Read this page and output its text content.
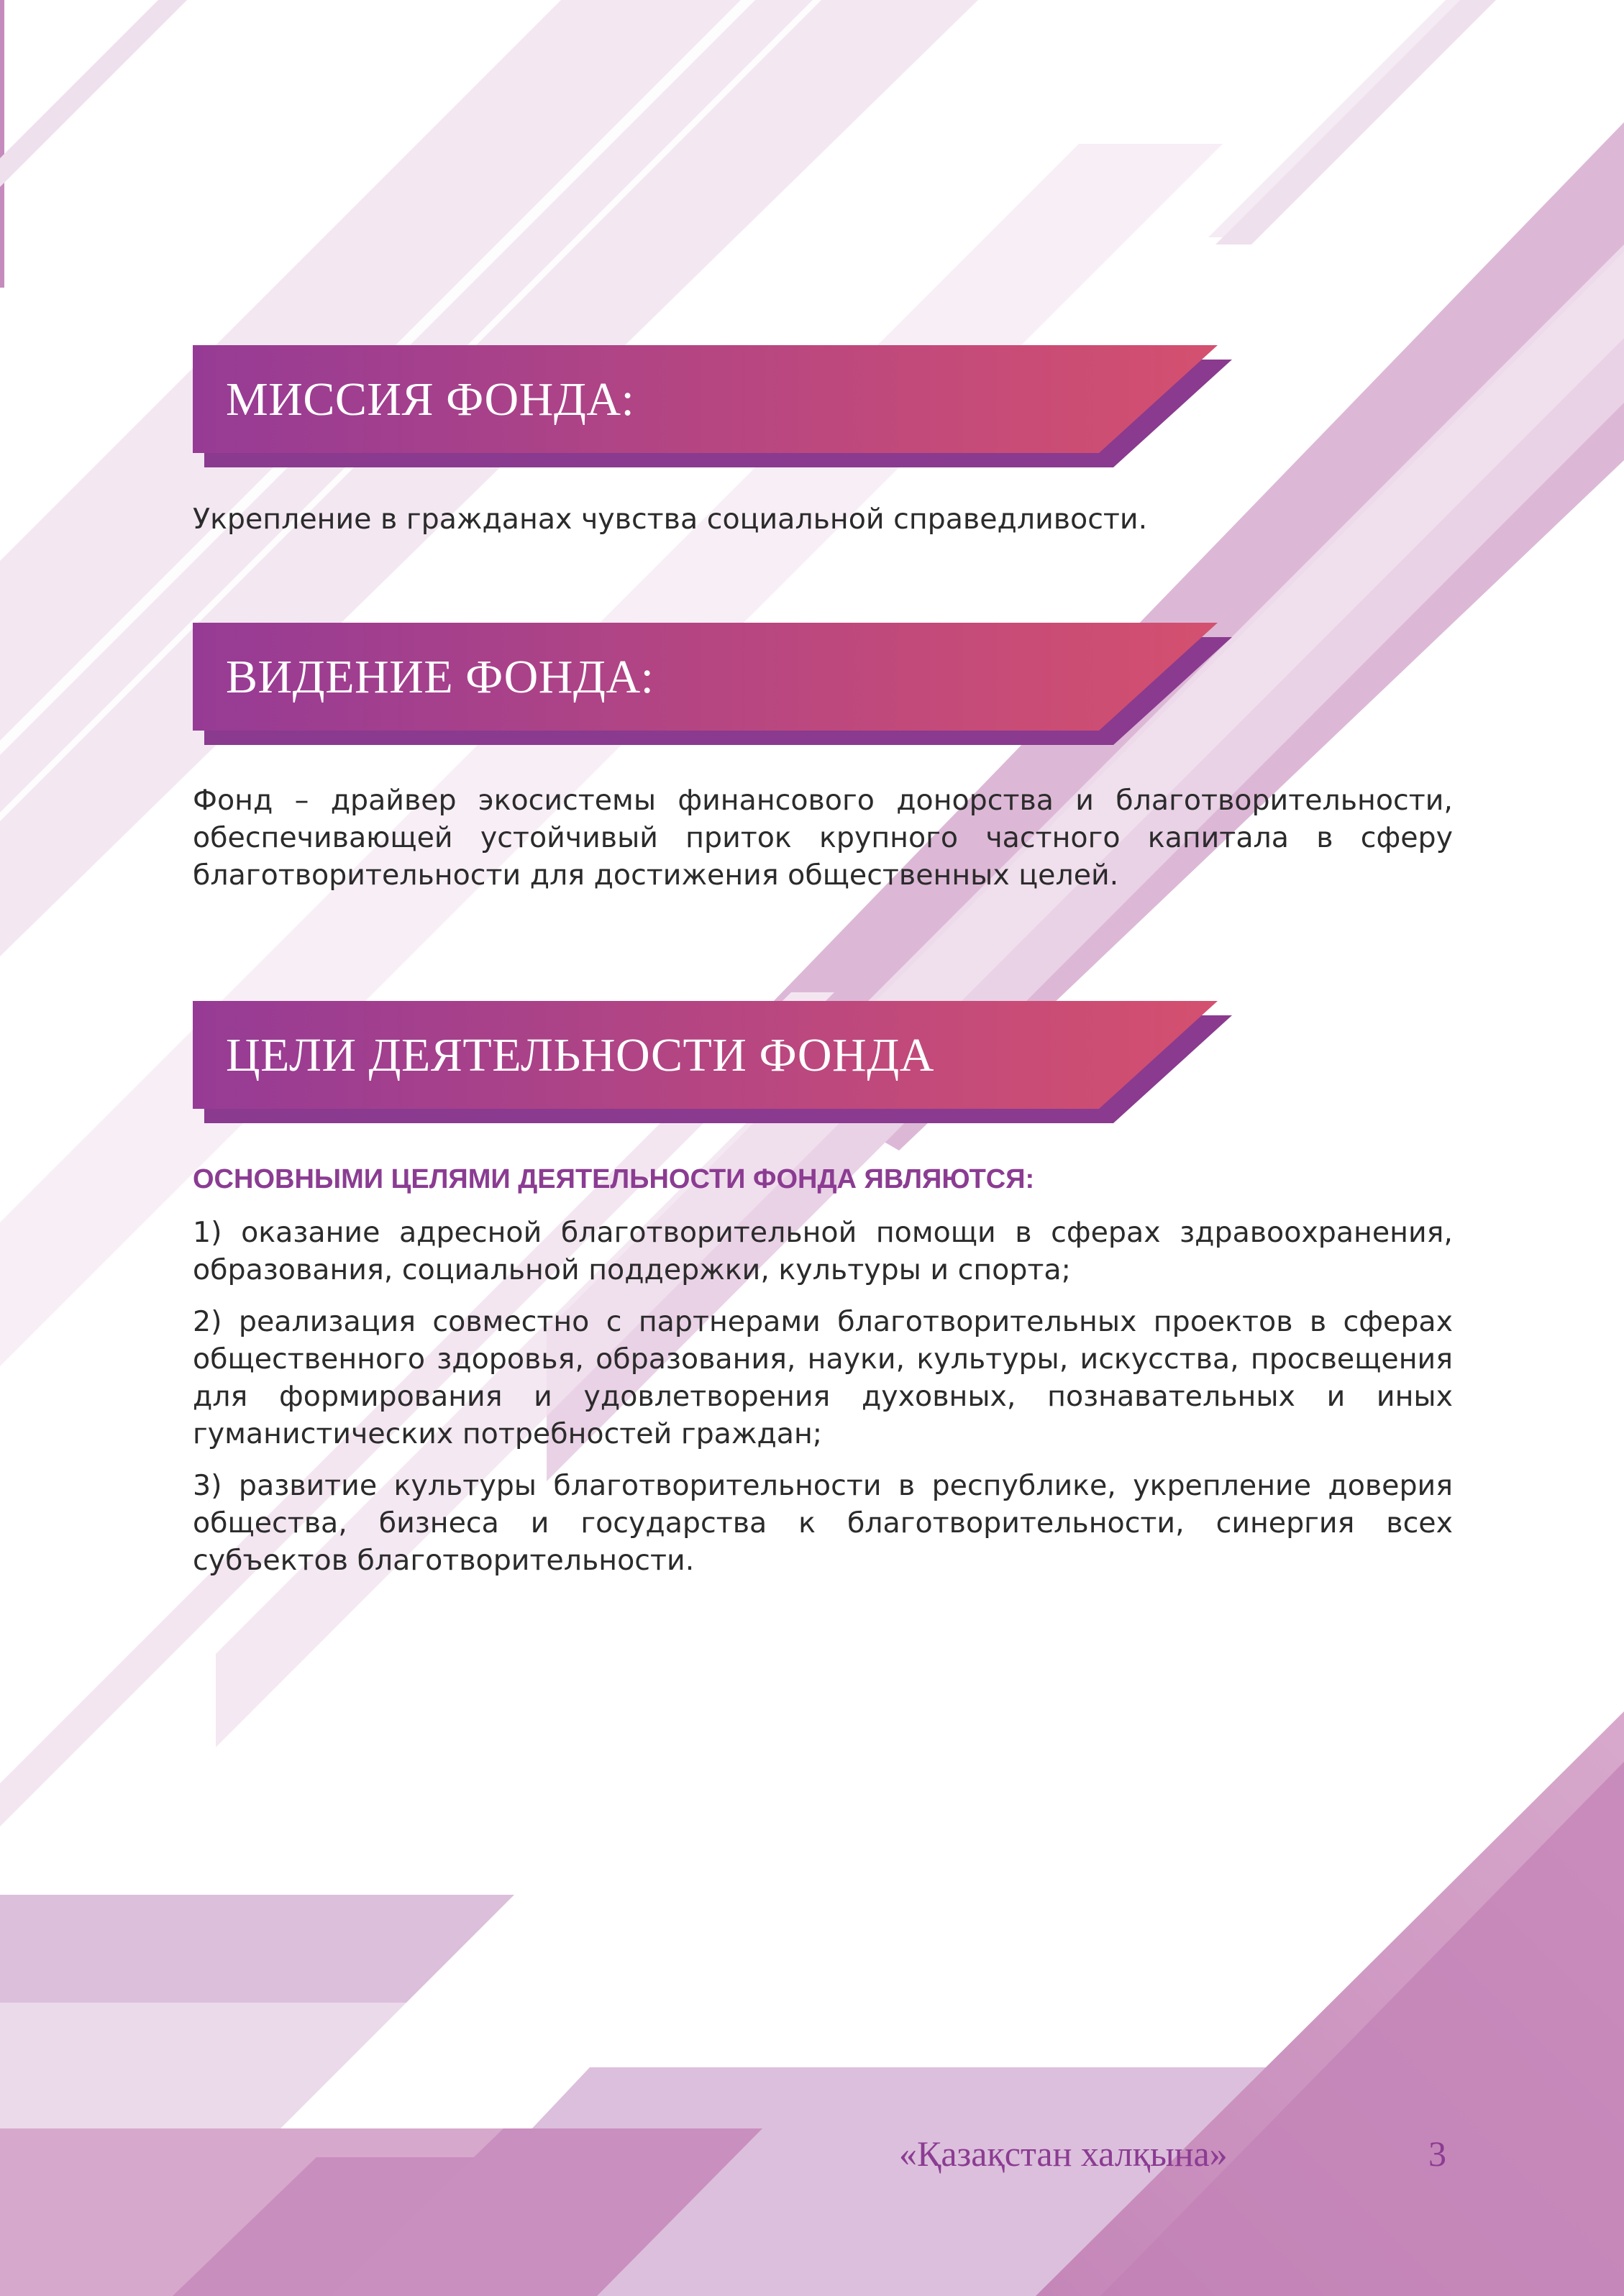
МИССИЯ ФОНДА:
Укрепление в гражданах чувства социальной справедливости.
ВИДЕНИЕ ФОНДА:
Фонд – драйвер экосистемы финансового донорства и благотворительности, обеспечивающей устойчивый приток крупного частного капитала в сферу благотворительности для достижения общественных целей.
ЦЕЛИ ДЕЯТЕЛЬНОСТИ ФОНДА
ОСНОВНЫМИ ЦЕЛЯМИ ДЕЯТЕЛЬНОСТИ ФОНДА ЯВЛЯЮТСЯ:
1) оказание адресной благотворительной помощи в сферах здравоохранения, образования, социальной поддержки, культуры и спорта;
2) реализация совместно с партнерами благотворительных проектов в сферах общественного здоровья, образования, науки, культуры, искусства, просвещения для формирования и удовлетворения духовных, познавательных и иных гуманистических потребностей граждан;
3) развитие культуры благотворительности в республике, укрепление доверия общества, бизнеса и государства к благотворительности, синергия всех субъектов благотворительности.
«Қазақстан халқына»	3
